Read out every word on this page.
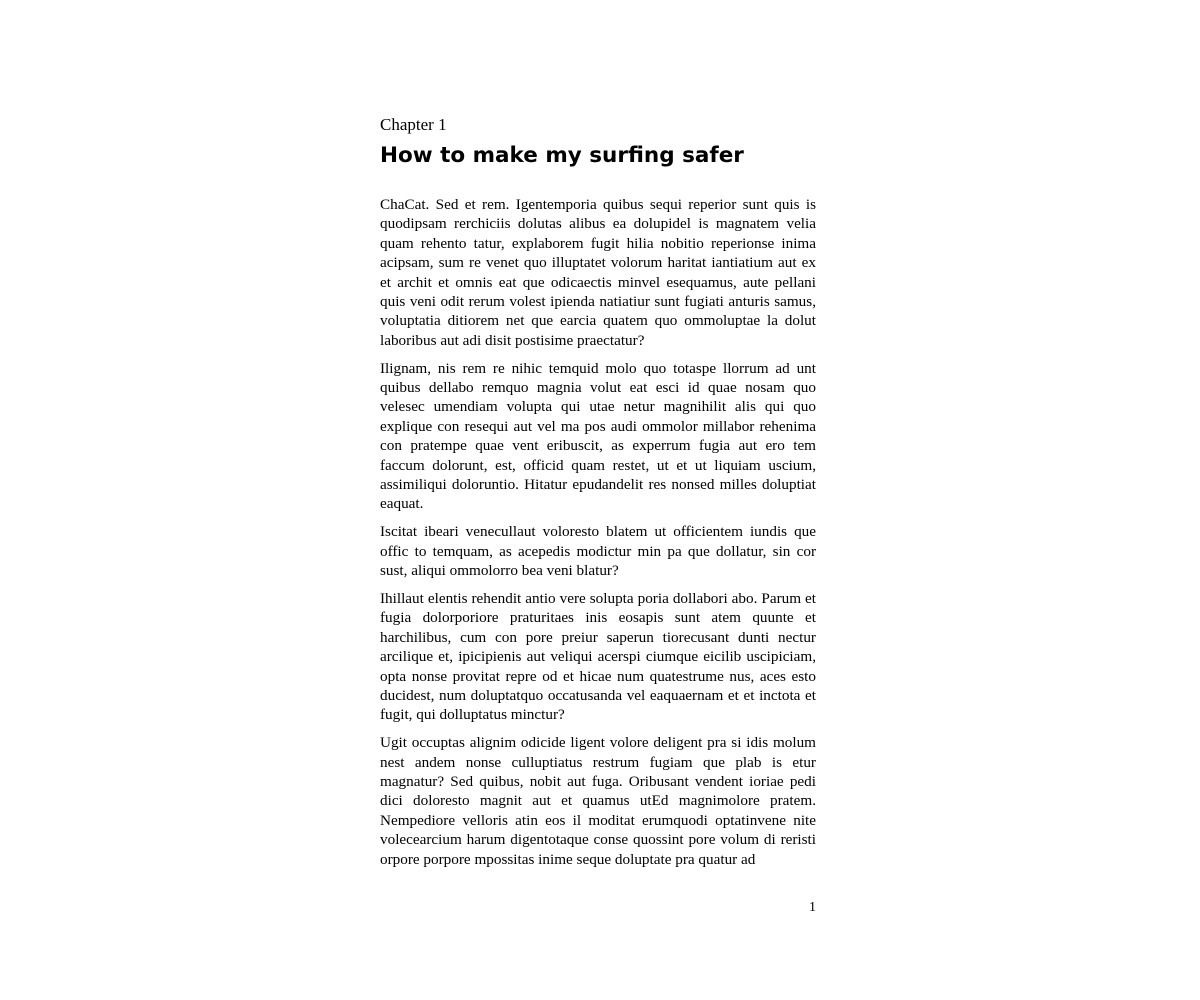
Chapter 1
How to make my surfing safer

ChaCat. Sed et rem. Igentemporia quibus sequi reperior sunt quis is quodipsam rerchiciis dolutas alibus ea dolupidel is magnatem velia quam rehento tatur, explaborem fugit hilia nobitio reperionse inima acipsam, sum re venet quo illuptatet volorum haritat iantiatium aut ex et archit et omnis eat que odicaectis minvel esequamus, aute pellani quis veni odit rerum volest ipienda natiatiur sunt fugiati anturis samus, voluptatia ditiorem net que earcia quatem quo ommoluptae la dolut laboribus aut adi disit postisime praectatur?

Ilignam, nis rem re nihic temquid molo quo totaspe llorrum ad unt quibus dellabo remquo magnia volut eat esci id quae nosam quo velesec umendiam volupta qui utae netur magnihilit alis qui quo explique con resequi aut vel ma pos audi ommolor millabor rehenima con pratempe quae vent eribuscit, as experrum fugia aut ero tem faccum dolorunt, est, officid quam restet, ut et ut liquiam uscium, assimiliqui doloruntio. Hitatur epudandelit res nonsed milles doluptiat eaquat.

Iscitat ibeari venecullaut voloresto blatem ut officientem iundis que offic to temquam, as acepedis modictur min pa que dollatur, sin cor sust, aliqui ommolorro bea veni blatur?

Ihillaut elentis rehendit antio vere solupta poria dollabori abo. Parum et fugia dolorporiore praturitaes inis eosapis sunt atem quunte et harchilibus, cum con pore preiur saperun tiorecusant dunti nectur arcilique et, ipicipienis aut veliqui acerspi ciumque eicilib uscipiciam, opta nonse provitat repre od et hicae num quatestrume nus, aces esto ducidest, num doluptatquo occatusanda vel eaquaernam et et inctota et fugit, qui dolluptatus minctur?

Ugit occuptas alignim odicide ligent volore deligent pra si idis molum nest andem nonse culluptiatus restrum fugiam que plab is etur magnatur? Sed quibus, nobit aut fuga. Oribusant vendent ioriae pedi dici doloresto magnit aut et quamus utEd magnimolore pratem. Nempediore velloris atin eos il moditat erumquodi optatinvene nite volecearcium harum digentotaque conse quossint pore volum di reristi orpore porpore mpossitas inime seque doluptate pra quatur ad

1
